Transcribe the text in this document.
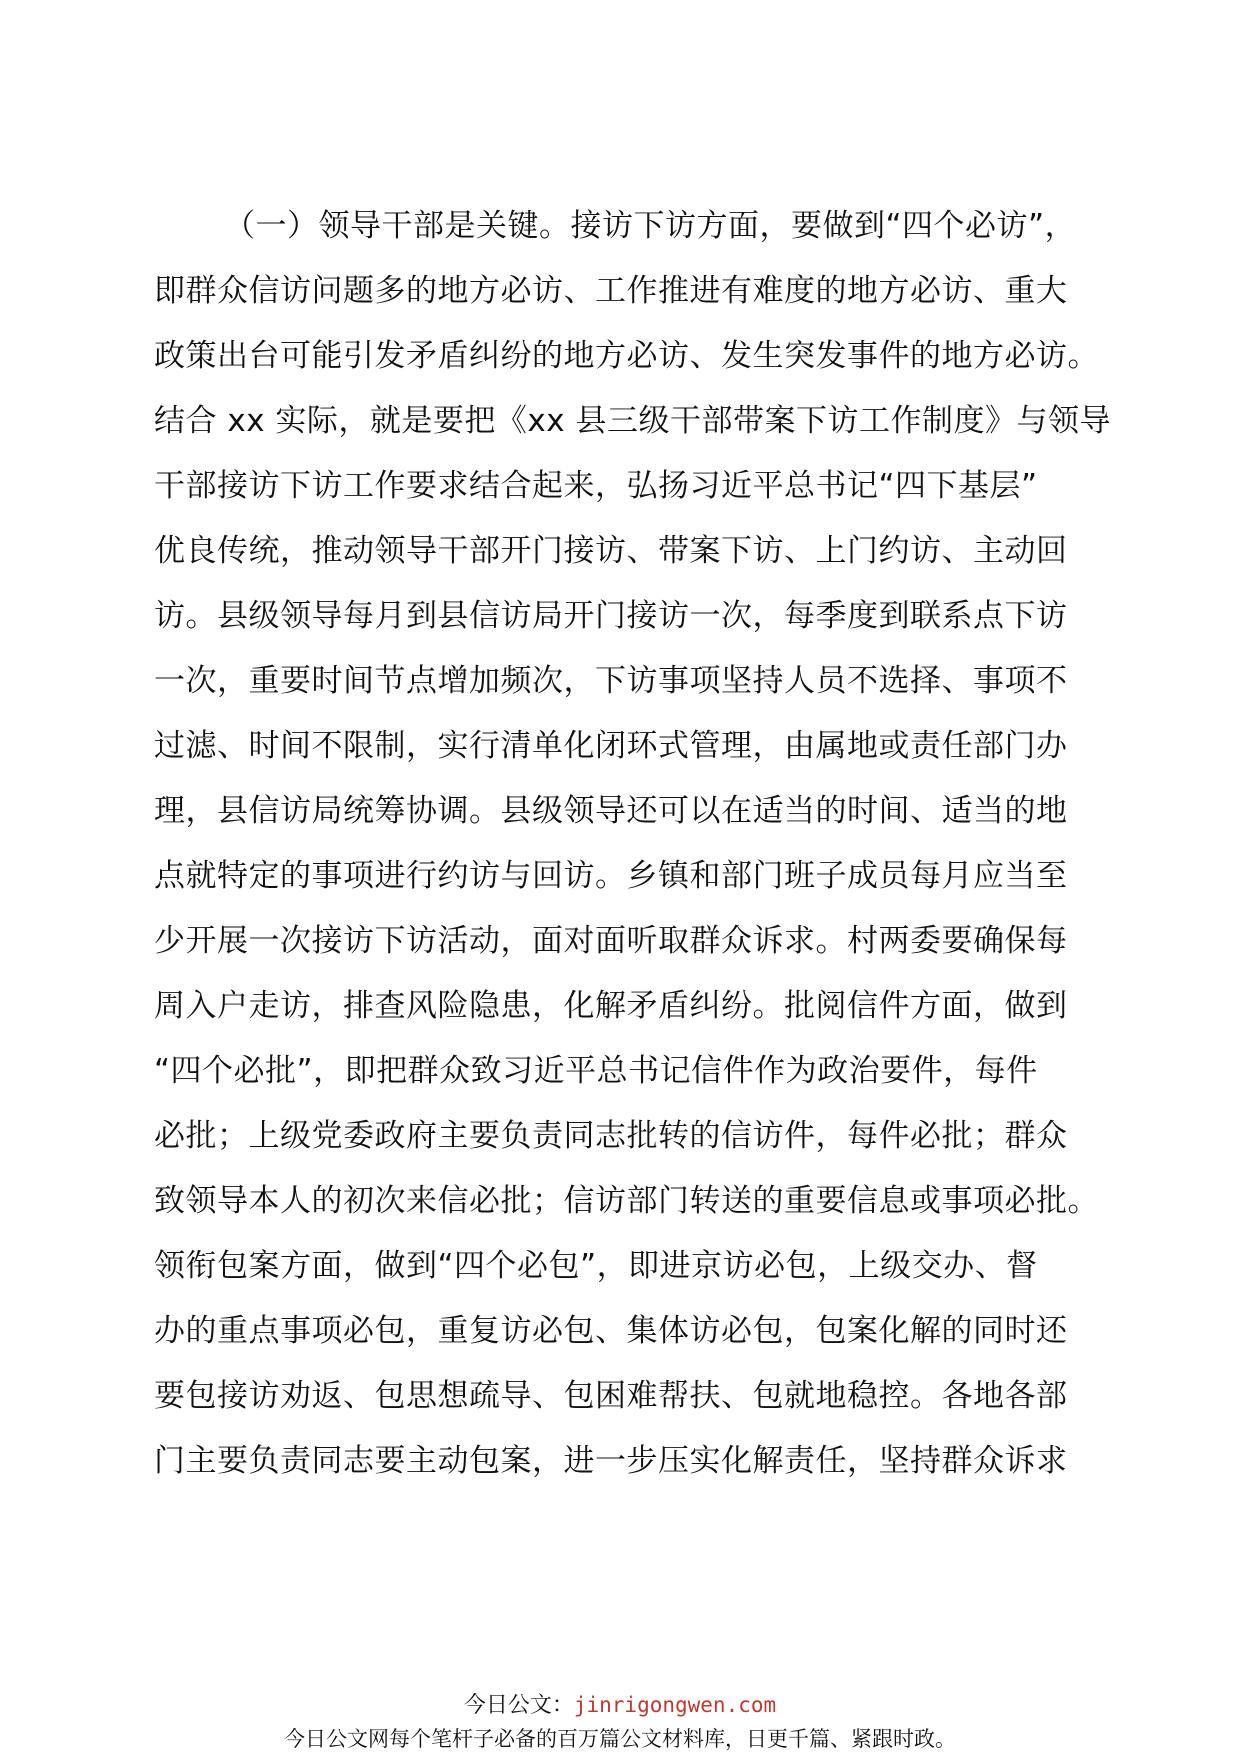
（一）领导干部是关键。接访下访方面，要做到“四个必访”，
即群众信访问题多的地方必访、工作推进有难度的地方必访、重大
政策出台可能引发矛盾纠纷的地方必访、发生突发事件的地方必访。
结合 xx 实际，就是要把《xx 县三级干部带案下访工作制度》与领导
干部接访下访工作要求结合起来，弘扬习近平总书记“四下基层”
优良传统，推动领导干部开门接访、带案下访、上门约访、主动回
访。县级领导每月到县信访局开门接访一次，每季度到联系点下访
一次，重要时间节点增加频次，下访事项坚持人员不选择、事项不
过滤、时间不限制，实行清单化闭环式管理，由属地或责任部门办
理，县信访局统筹协调。县级领导还可以在适当的时间、适当的地
点就特定的事项进行约访与回访。乡镇和部门班子成员每月应当至
少开展一次接访下访活动，面对面听取群众诉求。村两委要确保每
周入户走访，排查风险隐患，化解矛盾纠纷。批阅信件方面，做到
“四个必批”，即把群众致习近平总书记信件作为政治要件，每件
必批；上级党委政府主要负责同志批转的信访件，每件必批；群众
致领导本人的初次来信必批；信访部门转送的重要信息或事项必批。
领衔包案方面，做到“四个必包”，即进京访必包，上级交办、督
办的重点事项必包，重复访必包、集体访必包，包案化解的同时还
要包接访劝返、包思想疏导、包困难帮扶、包就地稳控。各地各部
门主要负责同志要主动包案，进一步压实化解责任，坚持群众诉求
今日公文：jinrigongwen.com
今日公文网每个笔杆子必备的百万篇公文材料库，日更千篇、紧跟时政。
